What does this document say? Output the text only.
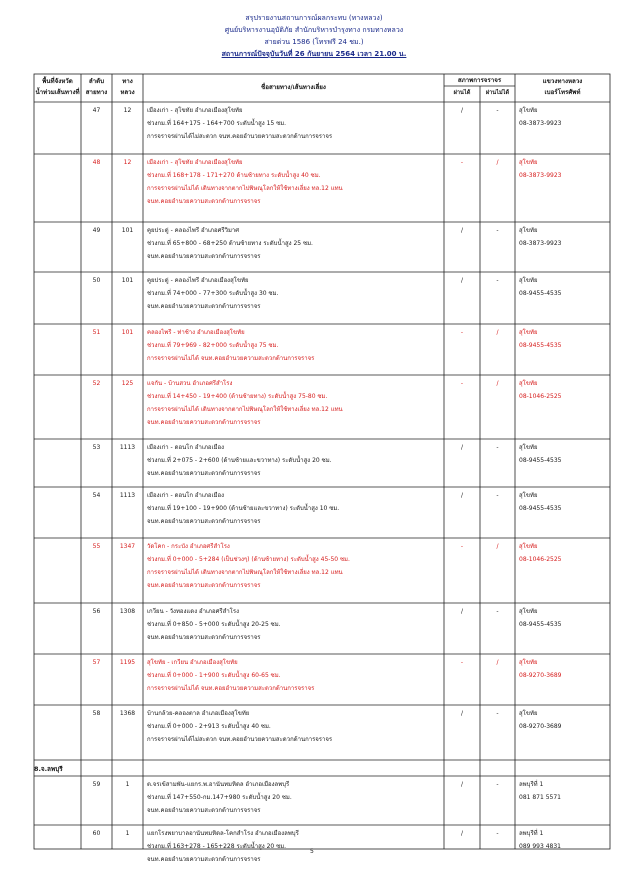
สรุปรายงานสถานการณ์ผลกระทบ (ทางหลวง)
ศูนย์บริหารงานอุบัติภัย สำนักบริหารบำรุงทาง กรมทางหลวง
สายด่วน 1586 (โทรฟรี 24 ชม.)
สถานการณ์ปัจจุบันวันที่ 26 กันยายน 2564 เวลา 21.00 น.
พื้นที่จังหวัด
น้ำท่วมเส้นทางที่
ลำดับ
สายทาง
ทาง
หลวง
ชื่อสายทาง/เส้นทางเลี่ยง
สภาพการจราจร
ผ่านได้	ผ่านไม่ได้
แขวงทางหลวง
เบอร์โทรศัพท์
47	12	เมืองเก่า - สุโขทัย อำเภอเมืองสุโขทัย
ช่วงกม.ที่ 164+175 - 164+700 ระดับน้ำสูง 15 ซม.
การจราจรผ่านได้ไม่สะดวก จนท.คอยอำนวยความสะดวกด้านการจราจร
/	-	สุโขทัย
08-3873-9923
48	12	เมืองเก่า - สุโขทัย อำเภอเมืองสุโขทัย
ช่วงกม.ที่ 168+178 - 171+270 ด้านซ้ายทาง ระดับน้ำสูง 40 ซม.
การจราจรผ่านไม่ได้ เดินทางจากตากไปพิษณุโลกให้ใช้ทางเลี่ยง ทล.12 แทน
จนท.คอยอำนวยความสะดวกด้านการจราจร
-	/	สุโขทัย
08-3873-9923
49	101	คูยประดู่ - คลองไพรี อำเภอศรีวิมาศ
ช่วงกม.ที่ 65+800 - 68+250 ด้านซ้ายทาง ระดับน้ำสูง 25 ซม.
จนท.คอยอำนวยความสะดวกด้านการจราจร
/	-	สุโขทัย
08-3873-9923
50	101	คูยประดู่ - คลองไพรี อำเภอเมืองสุโขทัย
ช่วงกม.ที่ 74+000 - 77+300 ระดับน้ำสูง 30 ซม.
จนท.คอยอำนวยความสะดวกด้านการจราจร
/	-	สุโขทัย
08-9455-4535
51	101	คลองไพรี - ท่าช้าง อำเภอเมืองสุโขทัย
ช่วงกม.ที่ 79+969 - 82+000 ระดับน้ำสูง 75 ซม.
การจราจรผ่านไม่ได้ จนท.คอยอำนวยความสะดวกด้านการจราจร
-	/	สุโขทัย
08-9455-4535
52	125	แจกัน - บ้านสวน อำเภอศรีสำโรง
ช่วงกม.ที่ 14+450 - 19+400 (ด้านซ้ายทาง) ระดับน้ำสูง 75-80 ซม.
การจราจรผ่านไม่ได้ เดินทางจากตากไปพิษณุโลกให้ใช้ทางเลี่ยง ทล.12 แทน
จนท.คอยอำนวยความสะดวกด้านการจราจร
-	/	สุโขทัย
08-1046-2525
53	1113	เมืองเก่า - ดอนโก อำเภอเมือง
ช่วงกม.ที่ 2+075 - 2+600 (ด้านซ้ายและขวาทาง) ระดับน้ำสูง 20 ซม.
จนท.คอยอำนวยความสะดวกด้านการจราจร
/	-	สุโขทัย
08-9455-4535
54	1113	เมืองเก่า - ดอนโก อำเภอเมือง
ช่วงกม.ที่ 19+100 - 19+900 (ด้านซ้ายและขวาทาง) ระดับน้ำสูง 10 ซม.
จนท.คอยอำนวยความสะดวกด้านการจราจร
/	-	สุโขทัย
08-9455-4535
55	1347	วัดโคก - กระบัง อำเภอศรีสำโรง
ช่วงกม.ที่ 0+000 - 5+284 (เป็นช่วงๆ) (ด้านซ้ายทาง) ระดับน้ำสูง 45-50 ซม.
การจราจรผ่านไม่ได้ เดินทางจากตากไปพิษณุโลกให้ใช้ทางเลี่ยง ทล.12 แทน
จนท.คอยอำนวยความสะดวกด้านการจราจร
-	/	สุโขทัย
08-1046-2525
56	1308	เกวียน - วังทองแดง อำเภอศรีสำโรง
ช่วงกม.ที่ 0+850 - 5+000 ระดับน้ำสูง 20-25 ซม.
จนท.คอยอำนวยความสะดวกด้านการจราจร
/	-	สุโขทัย
08-9455-4535
57	1195	สุโขทัย - เกวียน อำเภอเมืองสุโขทัย
ช่วงกม.ที่ 0+000 - 1+900 ระดับน้ำสูง 60-65 ซม.
การจราจรผ่านไม่ได้ จนท.คอยอำนวยความสะดวกด้านการจราจร
-	/	สุโขทัย
08-9270-3689
58	1368	บ้านกล้วย-คลองตาล อำเภอเมืองสุโขทัย
ช่วงกม.ที่ 0+000 - 2+913 ระดับน้ำสูง 40 ซม.
การจราจรผ่านได้ไม่สะดวก จนท.คอยอำนวยความสะดวกด้านการจราจร
/	-	สุโขทัย
08-9270-3689
59	1	ต.จรเข้สามพัน-แยกร.พ.อานันทมหิดล อำเภอเมืองลพบุรี
ช่วงกม.ที่ 147+550-กม.147+980 ระดับน้ำสูง 20 ซม.
จนท.คอยอำนวยความสะดวกด้านการจราจร
/	-	ลพบุรีที่ 1
081 871 5571
60	1	แยกโรงพยาบาลอานันทมหิดล-โคกสำโรง อำเภอเมืองลพบุรี
ช่วงกม.ที่ 163+278 - 165+228 ระดับน้ำสูง 20 ซม.
จนท.คอยอำนวยความสะดวกด้านการจราจร
/	-	ลพบุรีที่ 1
089 993 4831
8.จ.ลพบุรี
5
